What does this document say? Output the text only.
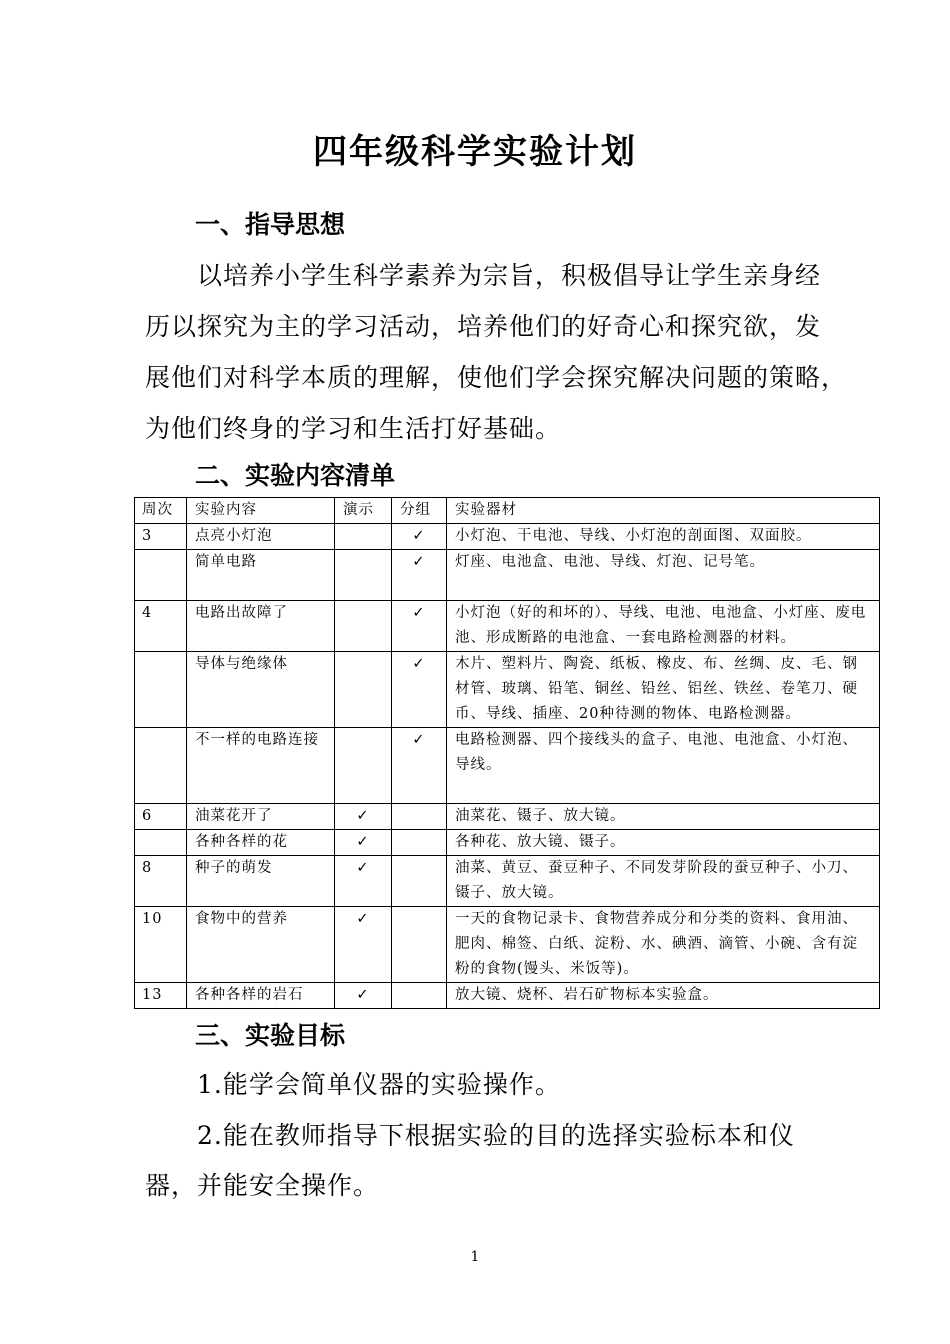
四年级科学实验计划
一、指导思想
以培养小学生科学素养为宗旨，积极倡导让学生亲身经
历以探究为主的学习活动，培养他们的好奇心和探究欲，发
展他们对科学本质的理解，使他们学会探究解决问题的策略，
为他们终身的学习和生活打好基础。
二、实验内容清单
周次	实验内容	演示	分组	实验器材
3	点亮小灯泡		✓	小灯泡、干电池、导线、小灯泡的剖面图、双面胶。
	简单电路		✓	灯座、电池盒、电池、导线、灯泡、记号笔。
4	电路出故障了		✓	小灯泡（好的和坏的）、导线、电池、电池盒、小灯座、废电池、形成断路的电池盒、一套电路检测器的材料。
	导体与绝缘体		✓	木片、塑料片、陶瓷、纸板、橡皮、布、丝绸、皮、毛、钢材管、玻璃、铅笔、铜丝、铅丝、铝丝、铁丝、卷笔刀、硬币、导线、插座、20种待测的物体、电路检测器。
	不一样的电路连接		✓	电路检测器、四个接线头的盒子、电池、电池盒、小灯泡、导线。
6	油菜花开了	✓		油菜花、镊子、放大镜。
	各种各样的花	✓		各种花、放大镜、镊子。
8	种子的萌发	✓		油菜、黄豆、蚕豆种子、不同发芽阶段的蚕豆种子、小刀、镊子、放大镜。
10	食物中的营养	✓		一天的食物记录卡、食物营养成分和分类的资料、食用油、肥肉、棉签、白纸、淀粉、水、碘酒、滴管、小碗、含有淀粉的食物(馒头、米饭等)。
13	各种各样的岩石	✓		放大镜、烧杯、岩石矿物标本实验盒。
三、实验目标
1.能学会简单仪器的实验操作。
2.能在教师指导下根据实验的目的选择实验标本和仪
器，并能安全操作。
1
